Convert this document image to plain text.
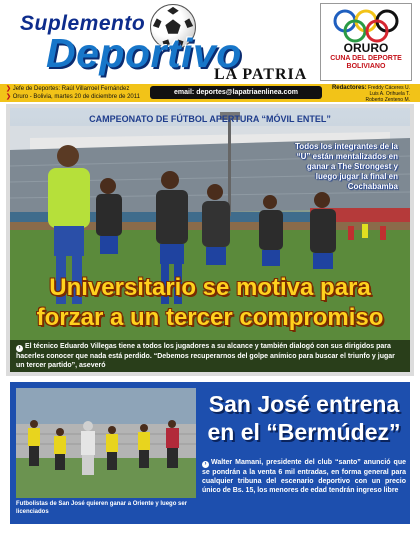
Suplemento
Deportivo
LA PATRIA
ORURO
CUNA DEL DEPORTE BOLIVIANO
❯ Jefe de Deportes: Raúl Villarroel Fernández
❯ Oruro - Bolivia, martes 20 de diciembre de 2011
email: deportes@lapatriaenlinea.com
Redactores: Freddy Cáceres U.
Luis A. Orihuela T.
Roberto Zenteno M.
CAMPEONATO DE FÚTBOL APERTURA “MÓVIL ENTEL”
Todos los integrantes de la “U” están mentalizados en ganar a The Strongest y luego jugar la final en Cochabamba
Universitario se motiva para
forzar a un tercer compromiso

› El técnico Eduardo Villegas tiene a todos los jugadores a su alcance y también dialogó con sus dirigidos para hacerles conocer que nada está perdido. “Debemos recuperarnos del golpe anímico para buscar el triunfo y jugar un tercer partido”, aseveró

Futbolistas de San José quieren ganar a Oriente y luego ser licenciados
San José entrena
en el “Bermúdez”

› Walter Mamani, presidente del club “santo” anunció que se pondrán a la venta 6 mil entradas, en forma general para cualquier tribuna del escenario deportivo con un precio único de Bs. 15, los menores de edad tendrán ingreso libre
